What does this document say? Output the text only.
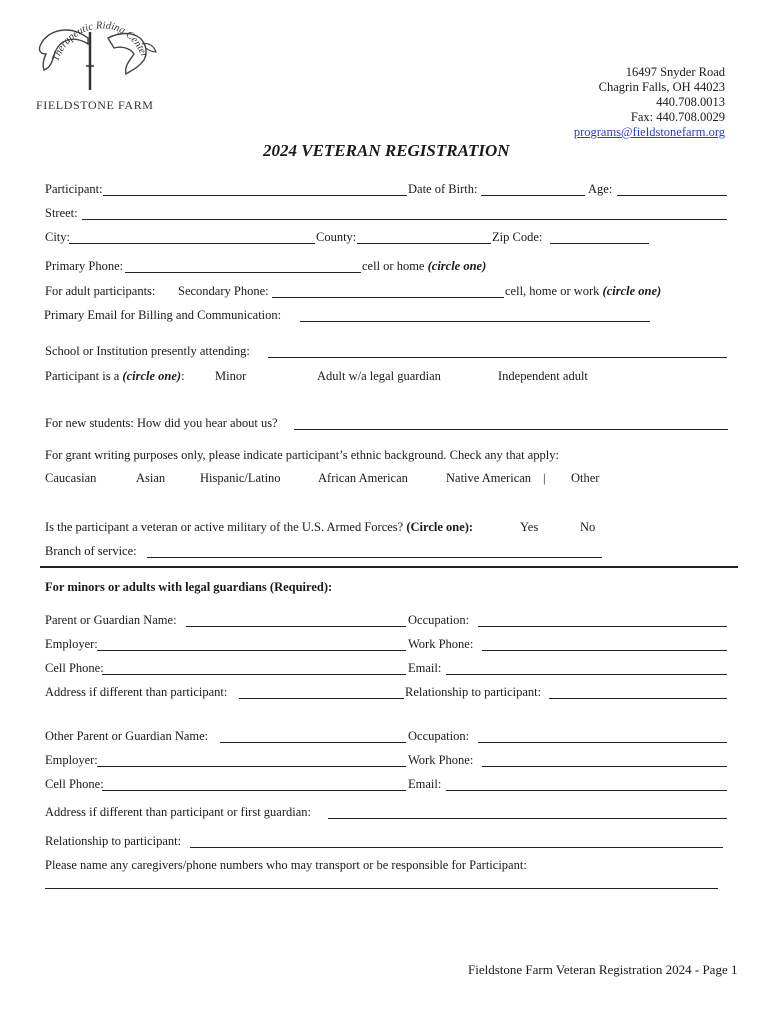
Therapeutic Riding Center
FIELDSTONE FARM
16497 Snyder Road
Chagrin Falls, OH 44023
440.708.0013
Fax: 440.708.0029
programs@fieldstonefarm.org
2024 VETERAN REGISTRATION
Participant:	Date of Birth:	Age:
Street:
City:	County:	Zip Code:
Primary Phone:	cell or home (circle one)
For adult participants: Secondary Phone:	cell, home or work (circle one)
Primary Email for Billing and Communication:
School or Institution presently attending:
Participant is a (circle one): Minor	Adult w/a legal guardian	Independent adult
For new students: How did you hear about us?
For grant writing purposes only, please indicate participant’s ethnic background. Check any that apply:
Caucasian	Asian	Hispanic/Latino	African American	Native American | Other
Is the participant a veteran or active military of the U.S. Armed Forces? (Circle one):	Yes	No
Branch of service:
For minors or adults with legal guardians (Required):
Parent or Guardian Name:	Occupation:
Employer:	Work Phone:
Cell Phone:	Email:
Address if different than participant:	Relationship to participant:
Other Parent or Guardian Name:	Occupation:
Employer:	Work Phone:
Cell Phone:	Email:
Address if different than participant or first guardian:
Relationship to participant:
Please name any caregivers/phone numbers who may transport or be responsible for Participant:
Fieldstone Farm Veteran Registration 2024 - Page 1
